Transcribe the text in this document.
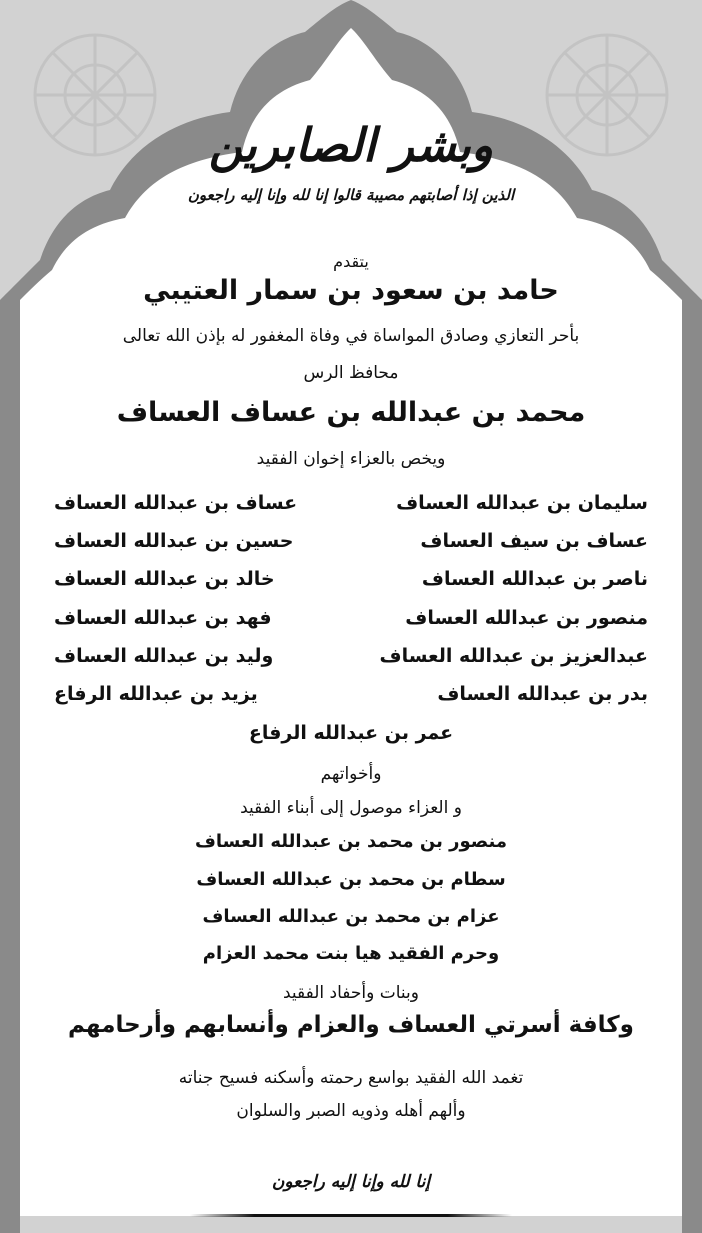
وبشر الصابرين
الذين إذا أصابتهم مصيبة قالوا إنا لله وإنا إليه راجعون
يتقدم
حامد بن سعود بن سمار العتيبي
بأحر التعازي وصادق المواساة في وفاة المغفور له بإذن الله تعالى
محافظ الرس
محمد بن عبدالله بن عساف العساف
ويخص بالعزاء إخوان الفقيد
سليمان بن عبدالله العساف
عساف بن عبدالله العساف
عساف بن سيف العساف
حسين بن عبدالله العساف
ناصر بن عبدالله العساف
خالد بن عبدالله العساف
منصور بن عبدالله العساف
فهد بن عبدالله العساف
عبدالعزيز بن عبدالله العساف
وليد بن عبدالله العساف
بدر بن عبدالله العساف
يزيد بن عبدالله الرفاع
عمر بن عبدالله الرفاع
وأخواتهم
و العزاء موصول إلى أبناء الفقيد
منصور بن محمد بن عبدالله العساف
سطام بن محمد بن عبدالله العساف
عزام بن محمد بن عبدالله العساف
وحرم الفقيد هيا بنت محمد العزام
وبنات وأحفاد الفقيد
وكافة أسرتي العساف والعزام وأنسابهم وأرحامهم
تغمد الله الفقيد بواسع رحمته وأسكنه فسيح جناته
وألهم أهله وذويه الصبر والسلوان
إنا لله وإنا إليه راجعون
